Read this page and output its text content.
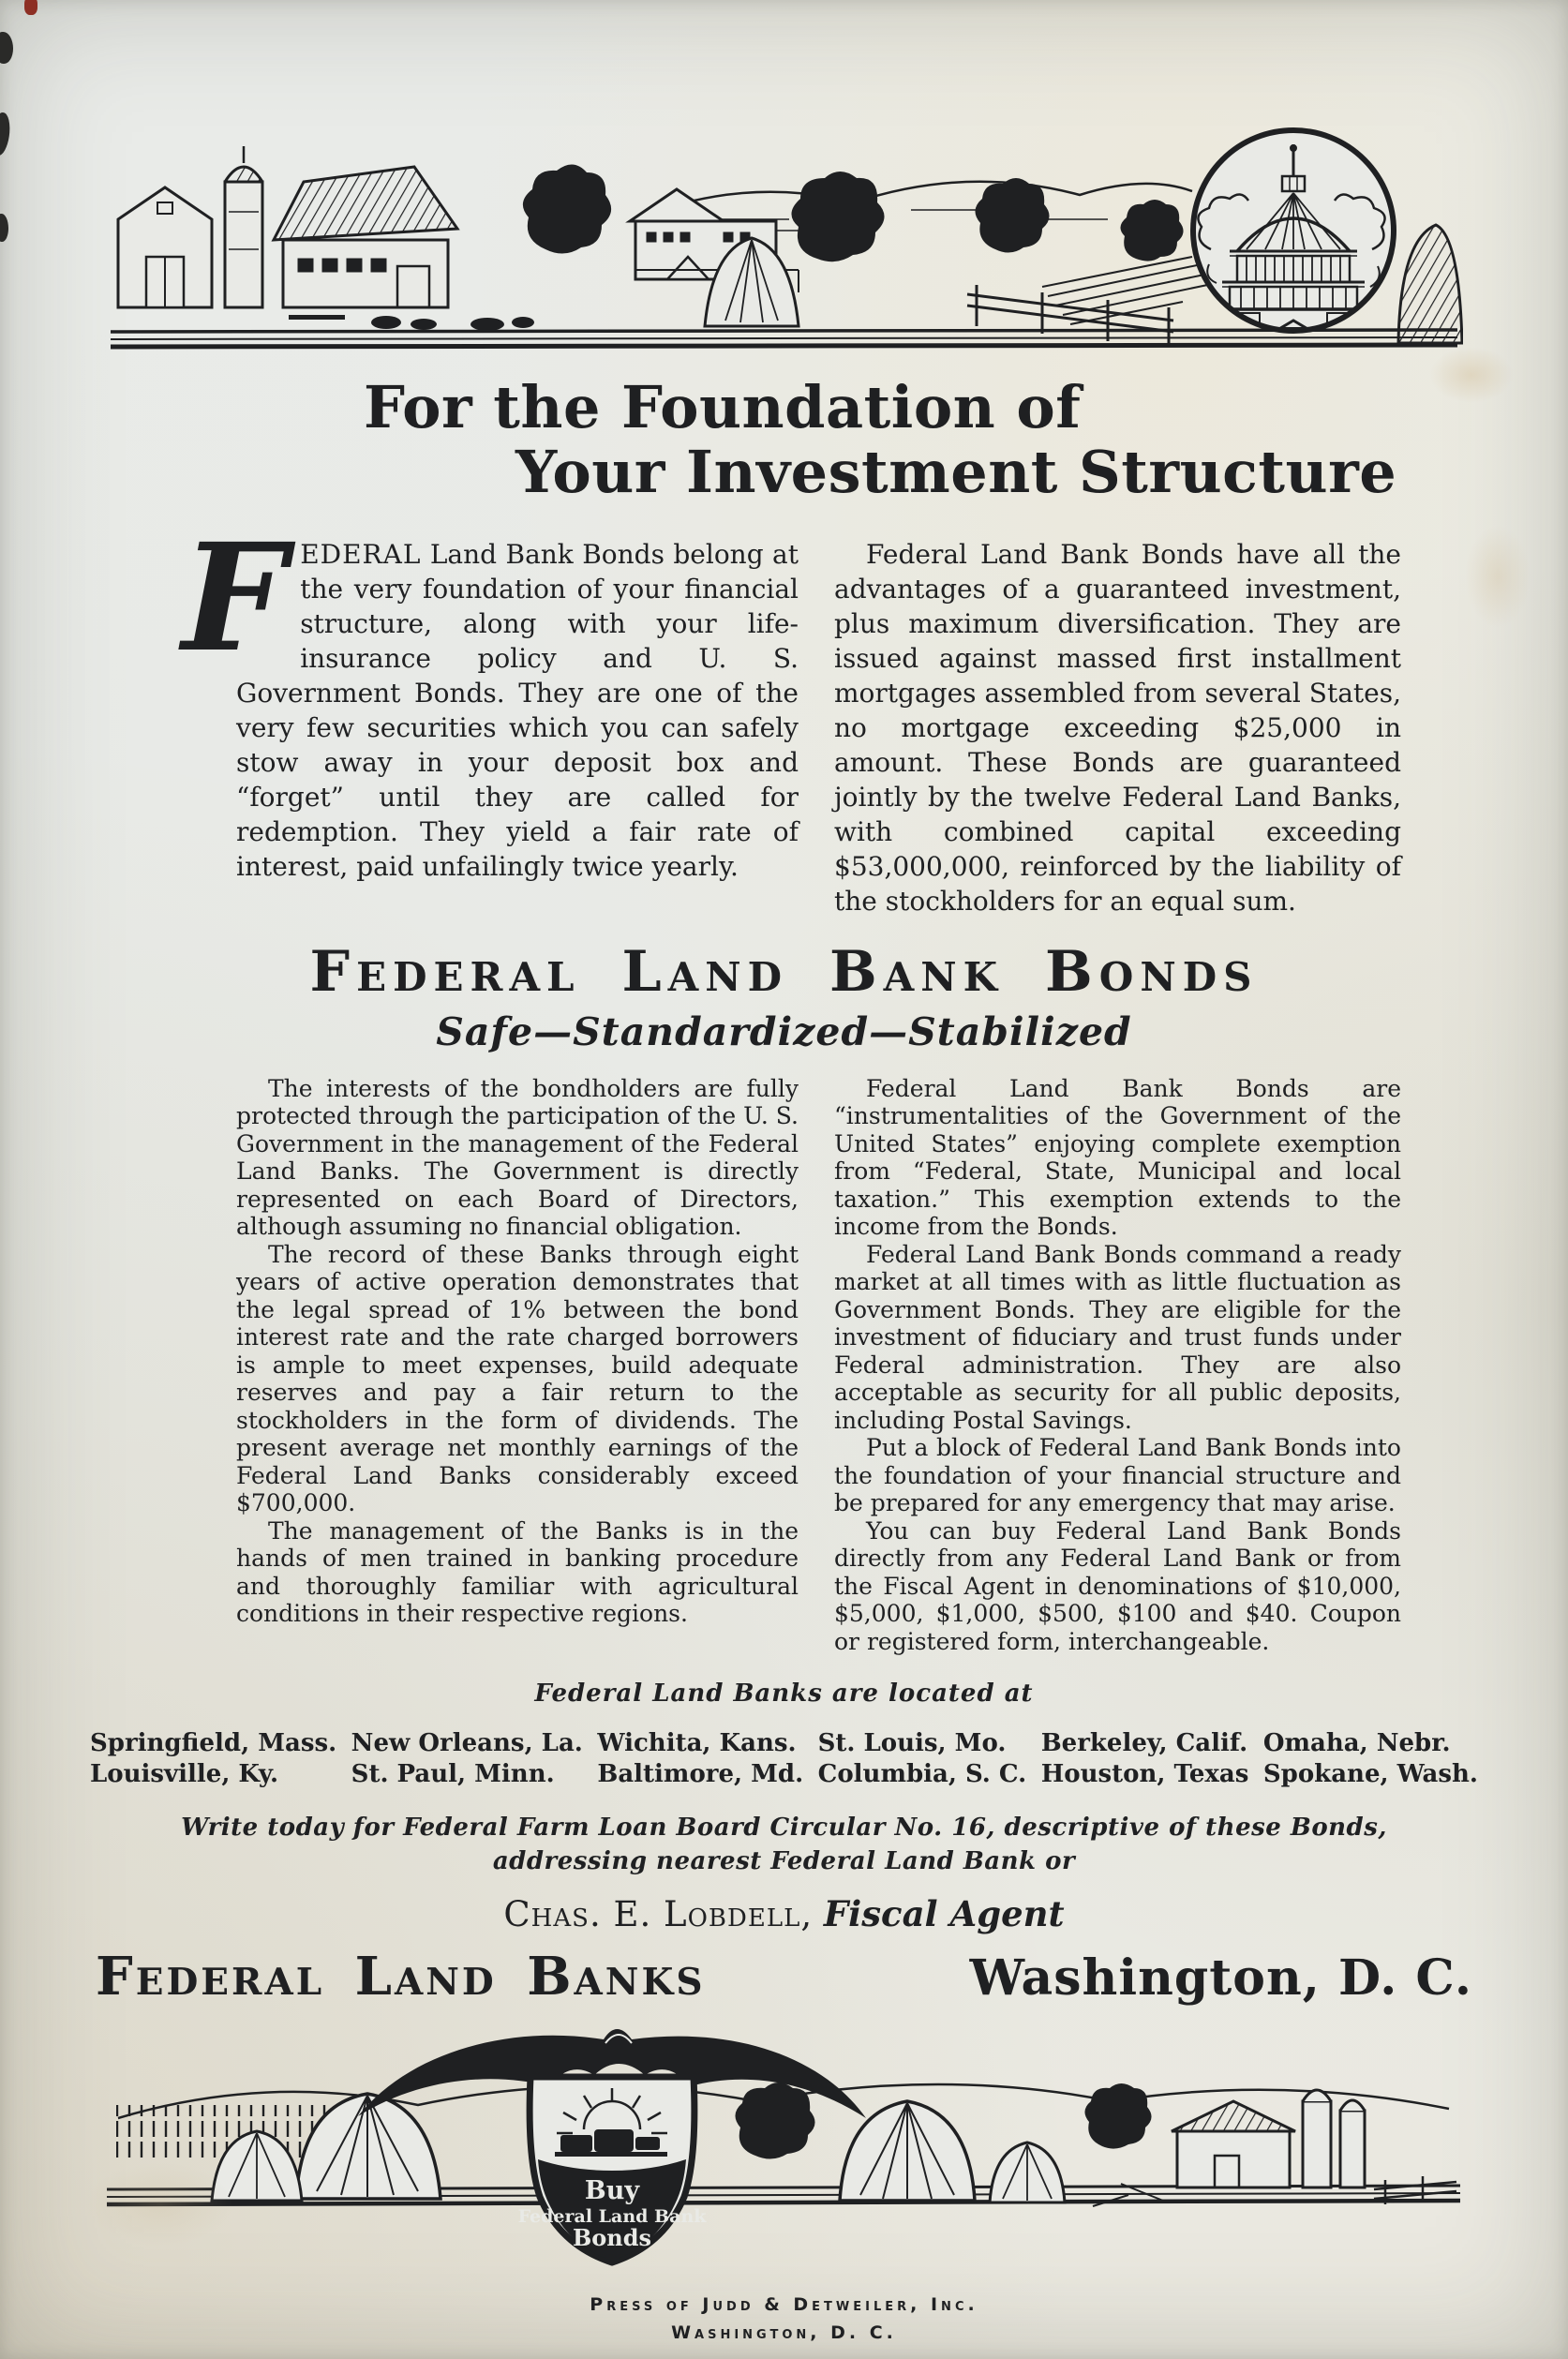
For the Foundation of
Your Investment Structure

FEDERAL Land Bank Bonds belong at the very foundation of your financial structure, along with your life-insurance policy and U. S. Government Bonds. They are one of the very few securities which you can safely stow away in your deposit box and “forget” until they are called for redemption. They yield a fair rate of interest, paid unfailingly twice yearly.

Federal Land Bank Bonds have all the advantages of a guaranteed investment, plus maximum diversification. They are issued against massed first installment mortgages assembled from several States, no mortgage exceeding $25,000 in amount. These Bonds are guaranteed jointly by the twelve Federal Land Banks, with combined capital exceeding $53,000,000, reinforced by the liability of the stockholders for an equal sum.

Federal Land Bank Bonds
Safe—Standardized—Stabilized

The interests of the bondholders are fully protected through the participation of the U. S. Government in the management of the Federal Land Banks. The Government is directly represented on each Board of Directors, although assuming no financial obligation.

The record of these Banks through eight years of active operation demonstrates that the legal spread of 1% between the bond interest rate and the rate charged borrowers is ample to meet expenses, build adequate reserves and pay a fair return to the stockholders in the form of dividends. The present average net monthly earnings of the Federal Land Banks considerably exceed $700,000.

The management of the Banks is in the hands of men trained in banking procedure and thoroughly familiar with agricultural conditions in their respective regions.

Federal Land Bank Bonds are “instrumentalities of the Government of the United States” enjoying complete exemption from “Federal, State, Municipal and local taxation.” This exemption extends to the income from the Bonds.

Federal Land Bank Bonds command a ready market at all times with as little fluctuation as Government Bonds. They are eligible for the investment of fiduciary and trust funds under Federal administration. They are also acceptable as security for all public deposits, including Postal Savings.

Put a block of Federal Land Bank Bonds into the foundation of your financial structure and be prepared for any emergency that may arise.

You can buy Federal Land Bank Bonds directly from any Federal Land Bank or from the Fiscal Agent in denominations of $10,000, $5,000, $1,000, $500, $100 and $40. Coupon or registered form, interchangeable.

Federal Land Banks are located at
Springfield, Mass.
Louisville, Ky.
New Orleans, La.
St. Paul, Minn.
Wichita, Kans.
Baltimore, Md.
St. Louis, Mo.
Columbia, S. C.
Berkeley, Calif.
Houston, Texas
Omaha, Nebr.
Spokane, Wash.
Write today for Federal Farm Loan Board Circular No. 16, descriptive of these Bonds,
addressing nearest Federal Land Bank or
Chas. E. Lobdell, Fiscal Agent
Federal Land Banks	Washington, D. C.
Buy
Federal Land Bank
Bonds
Press of Judd & Detweiler, Inc.
Washington, D. C.
